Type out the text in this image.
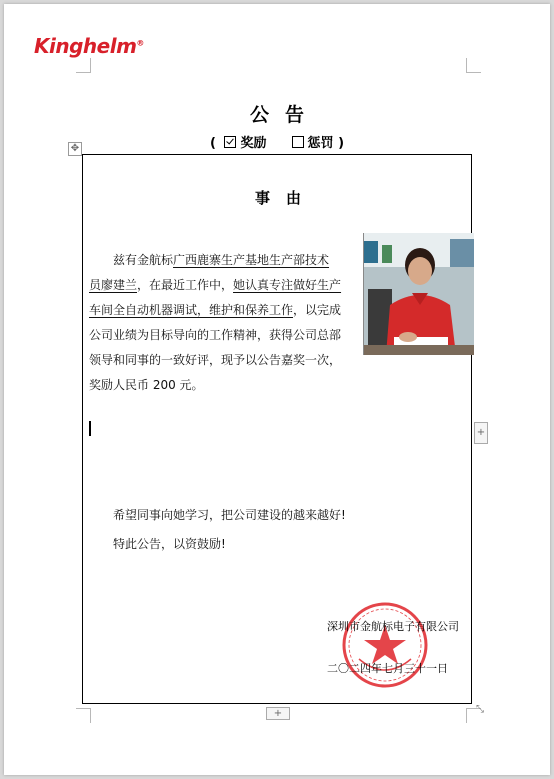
Kinghelm®
公告
( 奖励	惩罚 )
✥
事由
兹有金航标广西鹿寨生产基地生产部技术
员廖建兰，在最近工作中，她认真专注做好生产
车间全自动机器调试，维护和保养工作，以完成
公司业绩为目标导向的工作精神，获得公司总部
领导和同事的一致好评，现予以公告嘉奖一次，
奖励人民币 200 元。
希望同事向她学习，把公司建设的越来越好!
特此公告，以资鼓励!
深圳市金航标电子有限公司
二〇二四年七月三十一日
+
+	⤡
